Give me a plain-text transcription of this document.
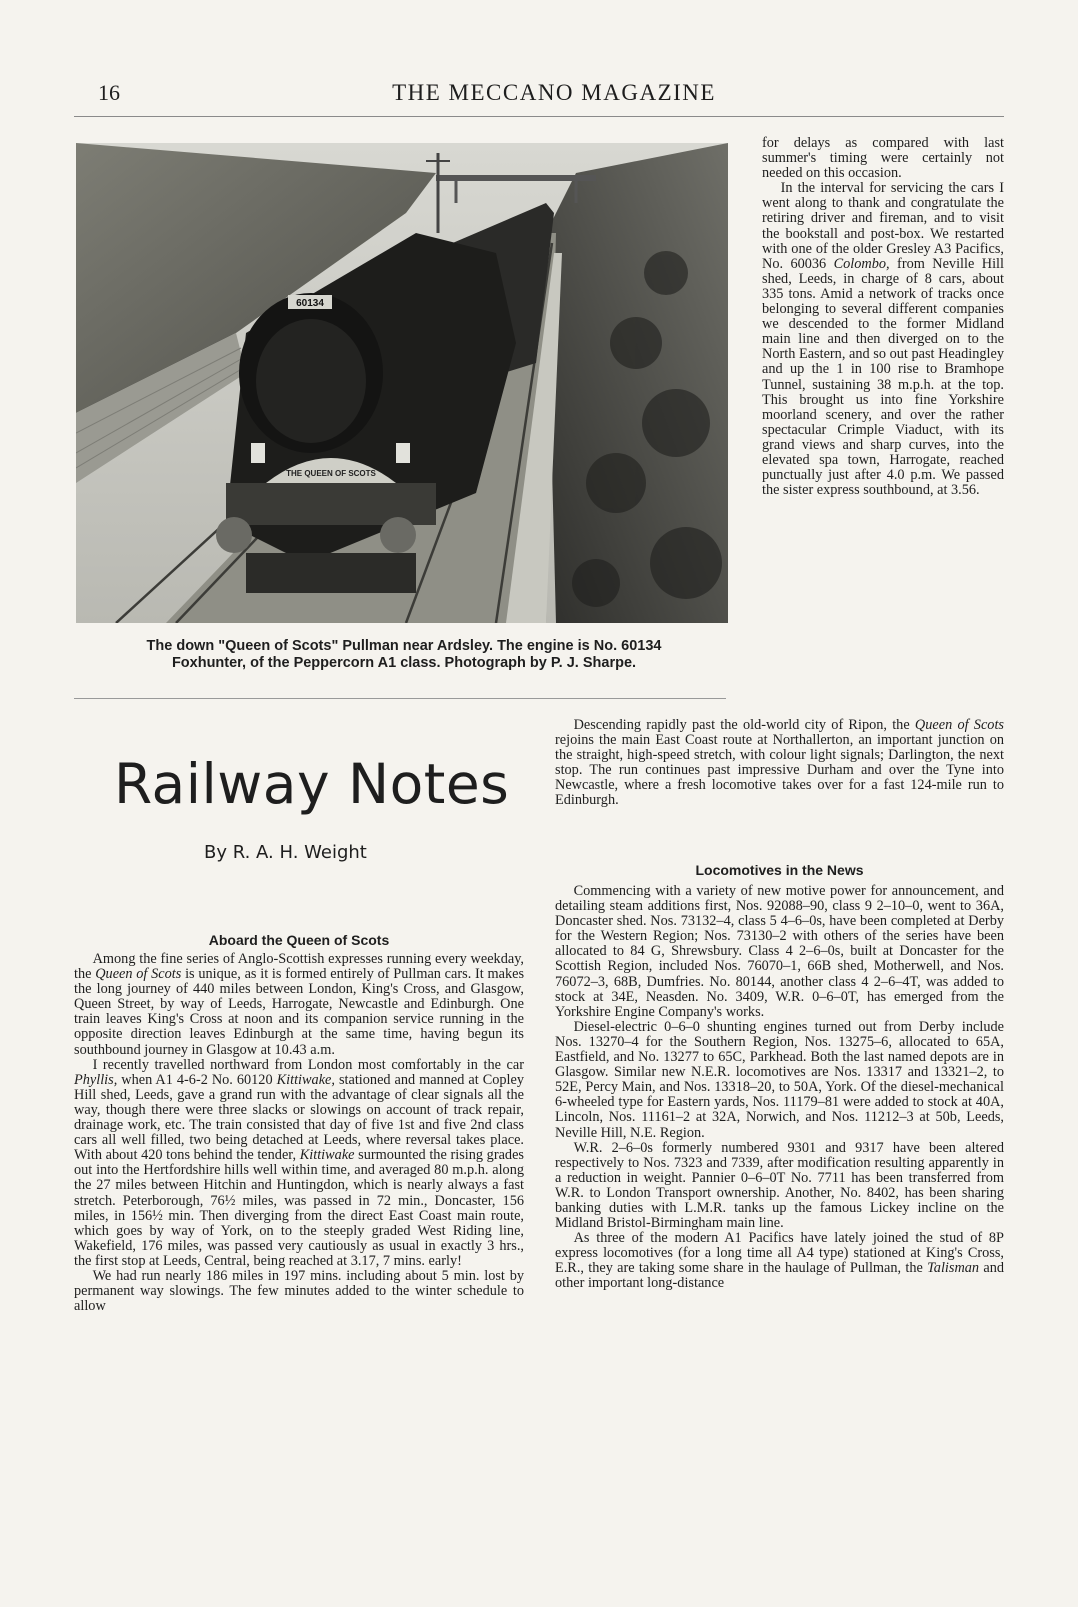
16	THE MECCANO MAGAZINE
60134
THE QUEEN OF SCOTS
The down "Queen of Scots" Pullman near Ardsley. The engine is No. 60134
Foxhunter, of the Peppercorn A1 class. Photograph by P. J. Sharpe.
Railway Notes
By R. A. H. Weight

for delays as compared with last summer's timing were certainly not needed on this occasion.

In the interval for servicing the cars I went along to thank and congratulate the retiring driver and fireman, and to visit the bookstall and post-box. We restarted with one of the older Gresley A3 Pacifics, No. 60036 Colombo, from Neville Hill shed, Leeds, in charge of 8 cars, about 335 tons. Amid a network of tracks once belonging to several different companies we descended to the former Midland main line and then diverged on to the North Eastern, and so out past Headingley and up the 1 in 100 rise to Bramhope Tunnel, sustaining 38 m.p.h. at the top. This brought us into fine Yorkshire moorland scenery, and over the rather spectacular Crimple Viaduct, with its grand views and sharp curves, into the elevated spa town, Harrogate, reached punctually just after 4.0 p.m. We passed the sister express southbound, at 3.56.

Descending rapidly past the old-world city of Ripon, the Queen of Scots rejoins the main East Coast route at Northallerton, an important junction on the straight, high-speed stretch, with colour light signals; Darlington, the next stop. The run continues past impressive Durham and over the Tyne into Newcastle, where a fresh locomotive takes over for a fast 124-mile run to Edinburgh.

Aboard the Queen of Scots

Among the fine series of Anglo-Scottish expresses running every weekday, the Queen of Scots is unique, as it is formed entirely of Pullman cars. It makes the long journey of 440 miles between London, King's Cross, and Glasgow, Queen Street, by way of Leeds, Harrogate, Newcastle and Edinburgh. One train leaves King's Cross at noon and its companion service running in the opposite direction leaves Edinburgh at the same time, having begun its southbound journey in Glasgow at 10.43 a.m.

I recently travelled northward from London most comfortably in the car Phyllis, when A1 4-6-2 No. 60120 Kittiwake, stationed and manned at Copley Hill shed, Leeds, gave a grand run with the advantage of clear signals all the way, though there were three slacks or slowings on account of track repair, drainage work, etc. The train consisted that day of five 1st and five 2nd class cars all well filled, two being detached at Leeds, where reversal takes place. With about 420 tons behind the tender, Kittiwake surmounted the rising grades out into the Hertfordshire hills well within time, and averaged 80 m.p.h. along the 27 miles between Hitchin and Huntingdon, which is nearly always a fast stretch. Peterborough, 76½ miles, was passed in 72 min., Doncaster, 156 miles, in 156½ min. Then diverging from the direct East Coast main route, which goes by way of York, on to the steeply graded West Riding line, Wakefield, 176 miles, was passed very cautiously as usual in exactly 3 hrs., the first stop at Leeds, Central, being reached at 3.17, 7 mins. early!

We had run nearly 186 miles in 197 mins. including about 5 min. lost by permanent way slowings. The few minutes added to the winter schedule to allow

Locomotives in the News

Commencing with a variety of new motive power for announcement, and detailing steam additions first, Nos. 92088–90, class 9 2–10–0, went to 36A, Doncaster shed. Nos. 73132–4, class 5 4–6–0s, have been completed at Derby for the Western Region; Nos. 73130–2 with others of the series have been allocated to 84 G, Shrewsbury. Class 4 2–6–0s, built at Doncaster for the Scottish Region, included Nos. 76070–1, 66B shed, Motherwell, and Nos. 76072–3, 68B, Dumfries. No. 80144, another class 4 2–6–4T, was added to stock at 34E, Neasden. No. 3409, W.R. 0–6–0T, has emerged from the Yorkshire Engine Company's works.

Diesel-electric 0–6–0 shunting engines turned out from Derby include Nos. 13270–4 for the Southern Region, Nos. 13275–6, allocated to 65A, Eastfield, and No. 13277 to 65C, Parkhead. Both the last named depots are in Glasgow. Similar new N.E.R. locomotives are Nos. 13317 and 13321–2, to 52E, Percy Main, and Nos. 13318–20, to 50A, York. Of the diesel-mechanical 6-wheeled type for Eastern yards, Nos. 11179–81 were added to stock at 40A, Lincoln, Nos. 11161–2 at 32A, Norwich, and Nos. 11212–3 at 50b, Leeds, Neville Hill, N.E. Region.

W.R. 2–6–0s formerly numbered 9301 and 9317 have been altered respectively to Nos. 7323 and 7339, after modification resulting apparently in a reduction in weight. Pannier 0–6–0T No. 7711 has been transferred from W.R. to London Transport ownership. Another, No. 8402, has been sharing banking duties with L.M.R. tanks up the famous Lickey incline on the Midland Bristol-Birmingham main line.

As three of the modern A1 Pacifics have lately joined the stud of 8P express locomotives (for a long time all A4 type) stationed at King's Cross, E.R., they are taking some share in the haulage of Pullman, the Talisman and other important long-distance
